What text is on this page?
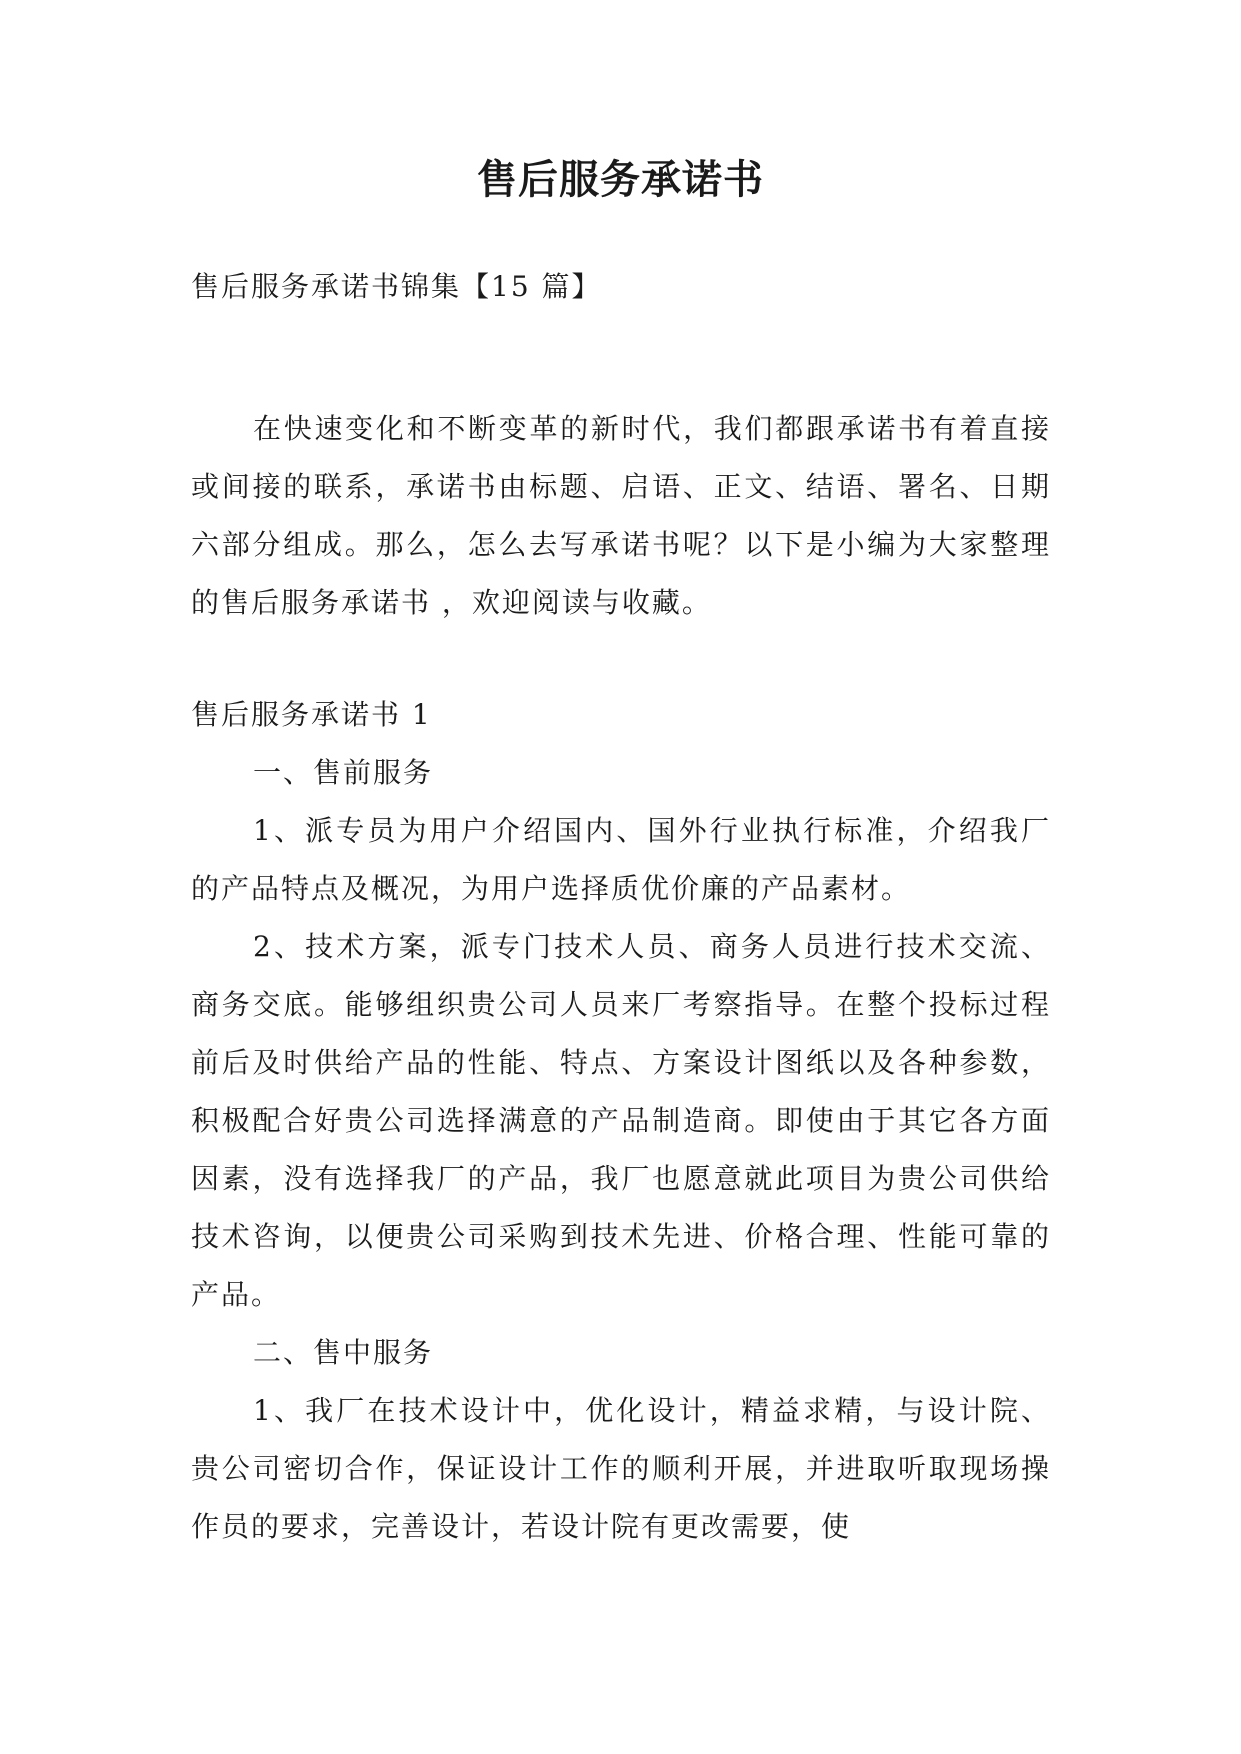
售后服务承诺书
售后服务承诺书锦集【15 篇】

在快速变化和不断变革的新时代，我们都跟承诺书有着直接或间接的联系，承诺书由标题、启语、正文、结语、署名、日期六部分组成。那么，怎么去写承诺书呢？以下是小编为大家整理的售后服务承诺书 ，欢迎阅读与收藏。

售后服务承诺书 1

一、售前服务

1、派专员为用户介绍国内、国外行业执行标准，介绍我厂的产品特点及概况，为用户选择质优价廉的产品素材。

2、技术方案，派专门技术人员、商务人员进行技术交流、商务交底。能够组织贵公司人员来厂考察指导。在整个投标过程前后及时供给产品的性能、特点、方案设计图纸以及各种参数，积极配合好贵公司选择满意的产品制造商。即使由于其它各方面因素，没有选择我厂的产品，我厂也愿意就此项目为贵公司供给技术咨询，以便贵公司采购到技术先进、价格合理、性能可靠的产品。

二、售中服务

1、我厂在技术设计中，优化设计，精益求精，与设计院、贵公司密切合作，保证设计工作的顺利开展，并进取听取现场操作员的要求，完善设计，若设计院有更改需要，使
